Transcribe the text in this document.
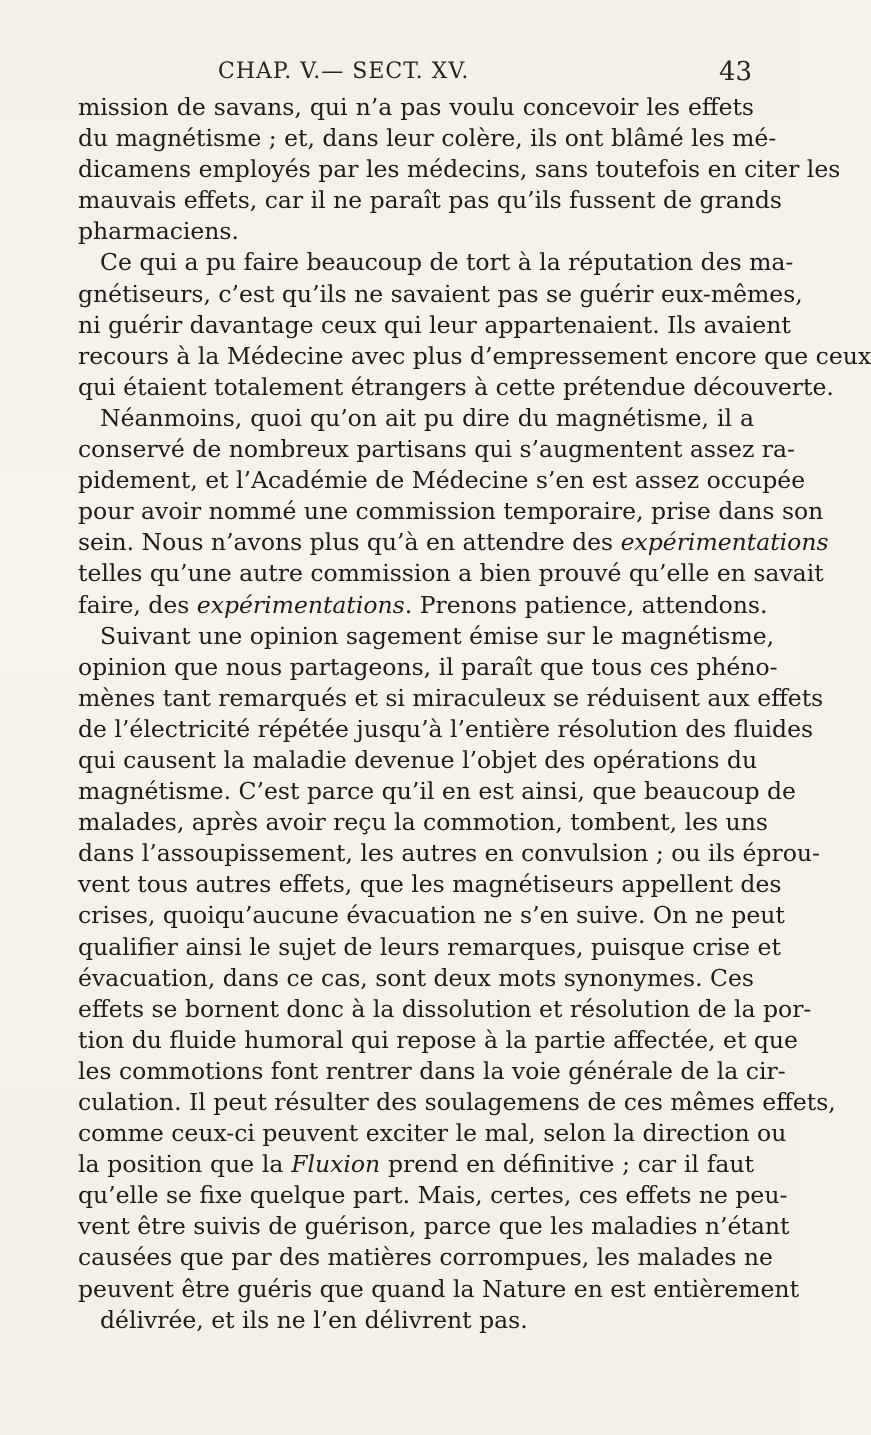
CHAP. V.— SECT. XV.	43
mission de savans, qui n’a pas voulu concevoir les effets
du magnétisme ; et, dans leur colère, ils ont blâmé les mé-
dicamens employés par les médecins, sans toutefois en citer les
mauvais effets, car il ne paraît pas qu’ils fussent de grands
pharmaciens.
Ce qui a pu faire beaucoup de tort à la réputation des ma-
gnétiseurs, c’est qu’ils ne savaient pas se guérir eux-mêmes,
ni guérir davantage ceux qui leur appartenaient. Ils avaient
recours à la Médecine avec plus d’empressement encore que ceux
qui étaient totalement étrangers à cette prétendue découverte.
Néanmoins, quoi qu’on ait pu dire du magnétisme, il a
conservé de nombreux partisans qui s’augmentent assez ra-
pidement, et l’Académie de Médecine s’en est assez occupée
pour avoir nommé une commission temporaire, prise dans son
sein. Nous n’avons plus qu’à en attendre des expérimentations
telles qu’une autre commission a bien prouvé qu’elle en savait
faire, des expérimentations. Prenons patience, attendons.
Suivant une opinion sagement émise sur le magnétisme,
opinion que nous partageons, il paraît que tous ces phéno-
mènes tant remarqués et si miraculeux se réduisent aux effets
de l’électricité répétée jusqu’à l’entière résolution des fluides
qui causent la maladie devenue l’objet des opérations du
magnétisme. C’est parce qu’il en est ainsi, que beaucoup de
malades, après avoir reçu la commotion, tombent, les uns
dans l’assoupissement, les autres en convulsion ; ou ils éprou-
vent tous autres effets, que les magnétiseurs appellent des
crises, quoiqu’aucune évacuation ne s’en suive. On ne peut
qualifier ainsi le sujet de leurs remarques, puisque crise et
évacuation, dans ce cas, sont deux mots synonymes. Ces
effets se bornent donc à la dissolution et résolution de la por-
tion du fluide humoral qui repose à la partie affectée, et que
les commotions font rentrer dans la voie générale de la cir-
culation. Il peut résulter des soulagemens de ces mêmes effets,
comme ceux-ci peuvent exciter le mal, selon la direction ou
la position que la Fluxion prend en définitive ; car il faut
qu’elle se fixe quelque part. Mais, certes, ces effets ne peu-
vent être suivis de guérison, parce que les maladies n’étant
causées que par des matières corrompues, les malades ne
peuvent être guéris que quand la Nature en est entièrement
délivrée, et ils ne l’en délivrent pas.
